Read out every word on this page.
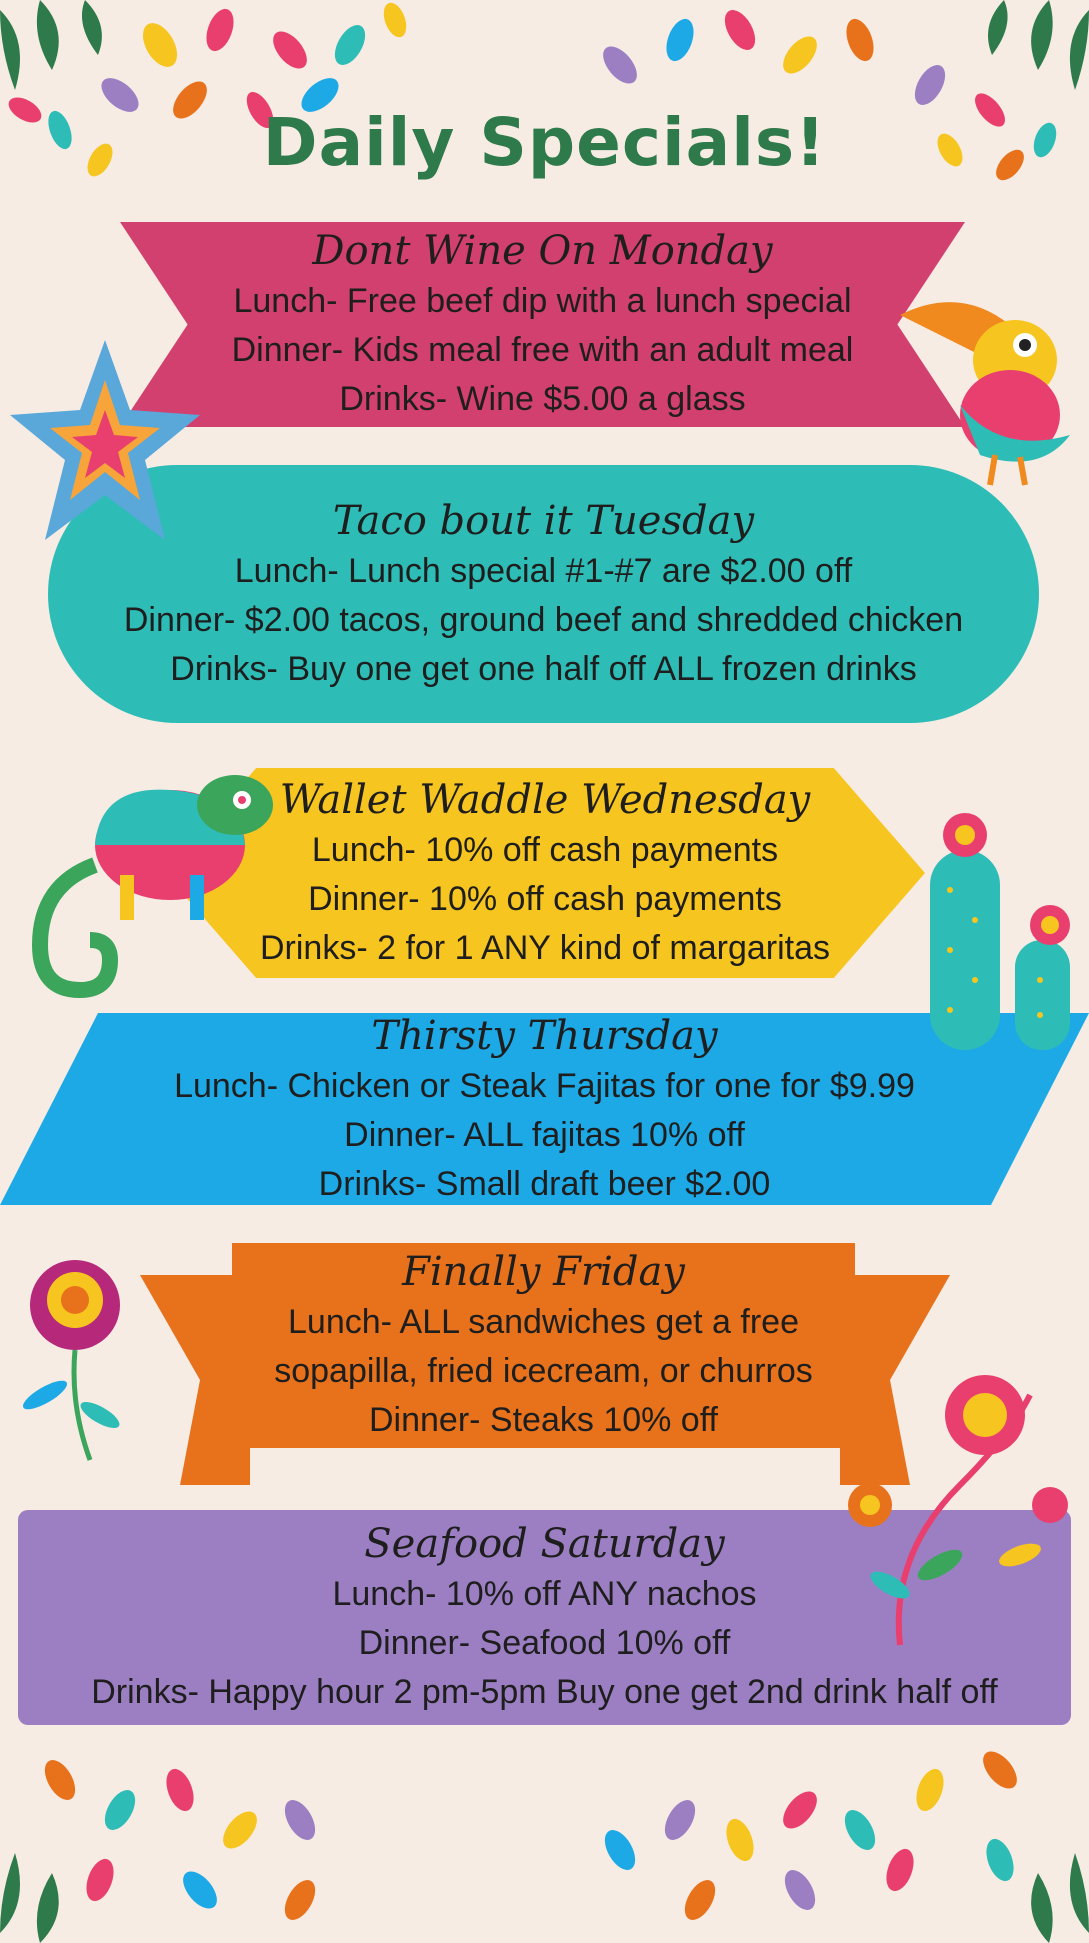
Daily Specials!
Dont Wine On Monday
Lunch- Free beef dip with a lunch special
Dinner- Kids meal free with an adult meal
Drinks- Wine $5.00 a glass
Taco bout it Tuesday
Lunch- Lunch special #1-#7 are $2.00 off
Dinner- $2.00 tacos, ground beef and shredded chicken
Drinks- Buy one get one half off ALL frozen drinks
Wallet Waddle Wednesday
Lunch- 10% off cash payments
Dinner- 10% off cash payments
Drinks- 2 for 1 ANY kind of margaritas
Thirsty Thursday
Lunch- Chicken or Steak Fajitas for one for $9.99
Dinner- ALL fajitas 10% off
Drinks- Small draft beer $2.00
Finally Friday
Lunch- ALL sandwiches get a free
sopapilla, fried icecream, or churros
Dinner- Steaks 10% off
Seafood Saturday
Lunch- 10% off ANY nachos
Dinner- Seafood 10% off
Drinks- Happy hour 2 pm-5pm Buy one get 2nd drink half off
